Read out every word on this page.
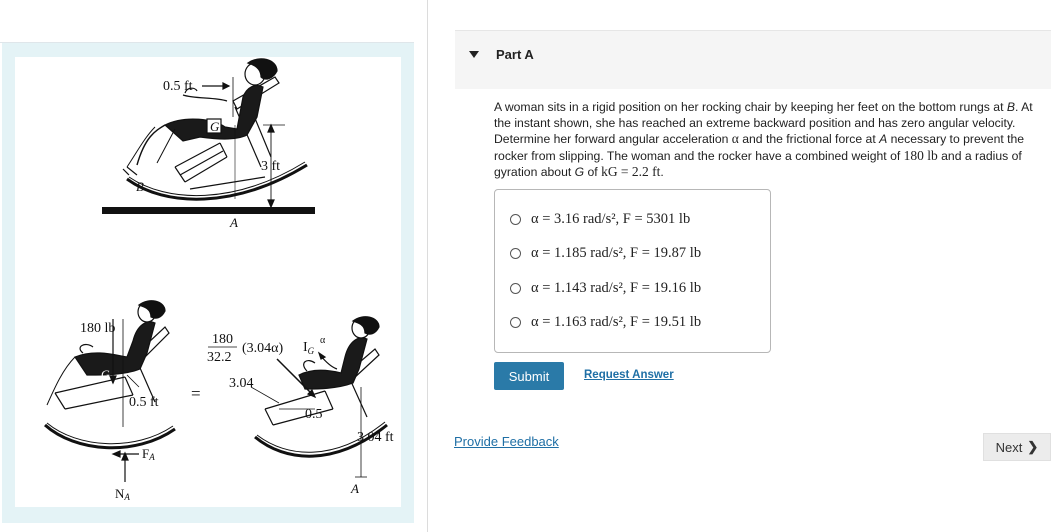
0.5 ft
G
3 ft
B
A
180 lb
G
0.5 ft
FA
NA
=
180
32.2
(3.04α) $I_G$
α
3.04
0.5
3.04 ft
A
Part A
A woman sits in a rigid position on her rocking chair by keeping her feet on the bottom rungs at B. At the instant shown, she has reached an extreme backward position and has zero angular velocity. Determine her forward angular acceleration α and the frictional force at A necessary to prevent the rocker from slipping. The woman and the rocker have a combined weight of 180 lb and a radius of gyration about G of kG = 2.2 ft.
α = 3.16 rad/s², F = 5301 lb
α = 1.185 rad/s², F = 19.87 lb
α = 1.143 rad/s², F = 19.16 lb
α = 1.163 rad/s², F = 19.51 lb
Submit	Request Answer
Provide Feedback	Next ❯
